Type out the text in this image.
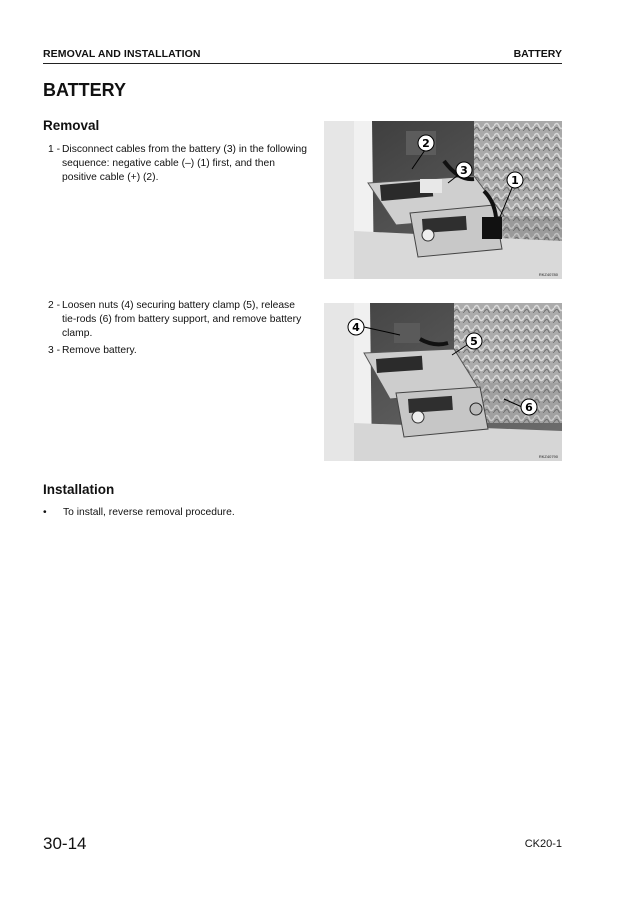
REMOVAL AND INSTALLATION	BATTERY
BATTERY
Removal
1 - Disconnect cables from the battery (3) in the following sequence: negative cable (–) (1) first, and then positive cable (+) (2).
2 - Loosen nuts (4) securing battery clamp (5), release tie-rods (6) from battery support, and remove battery clamp.
3 - Remove battery.
2
3
1
RKZ40780
4
5
6
RKZ40790
Installation
• To install, reverse removal procedure.
30-14	CK20-1
